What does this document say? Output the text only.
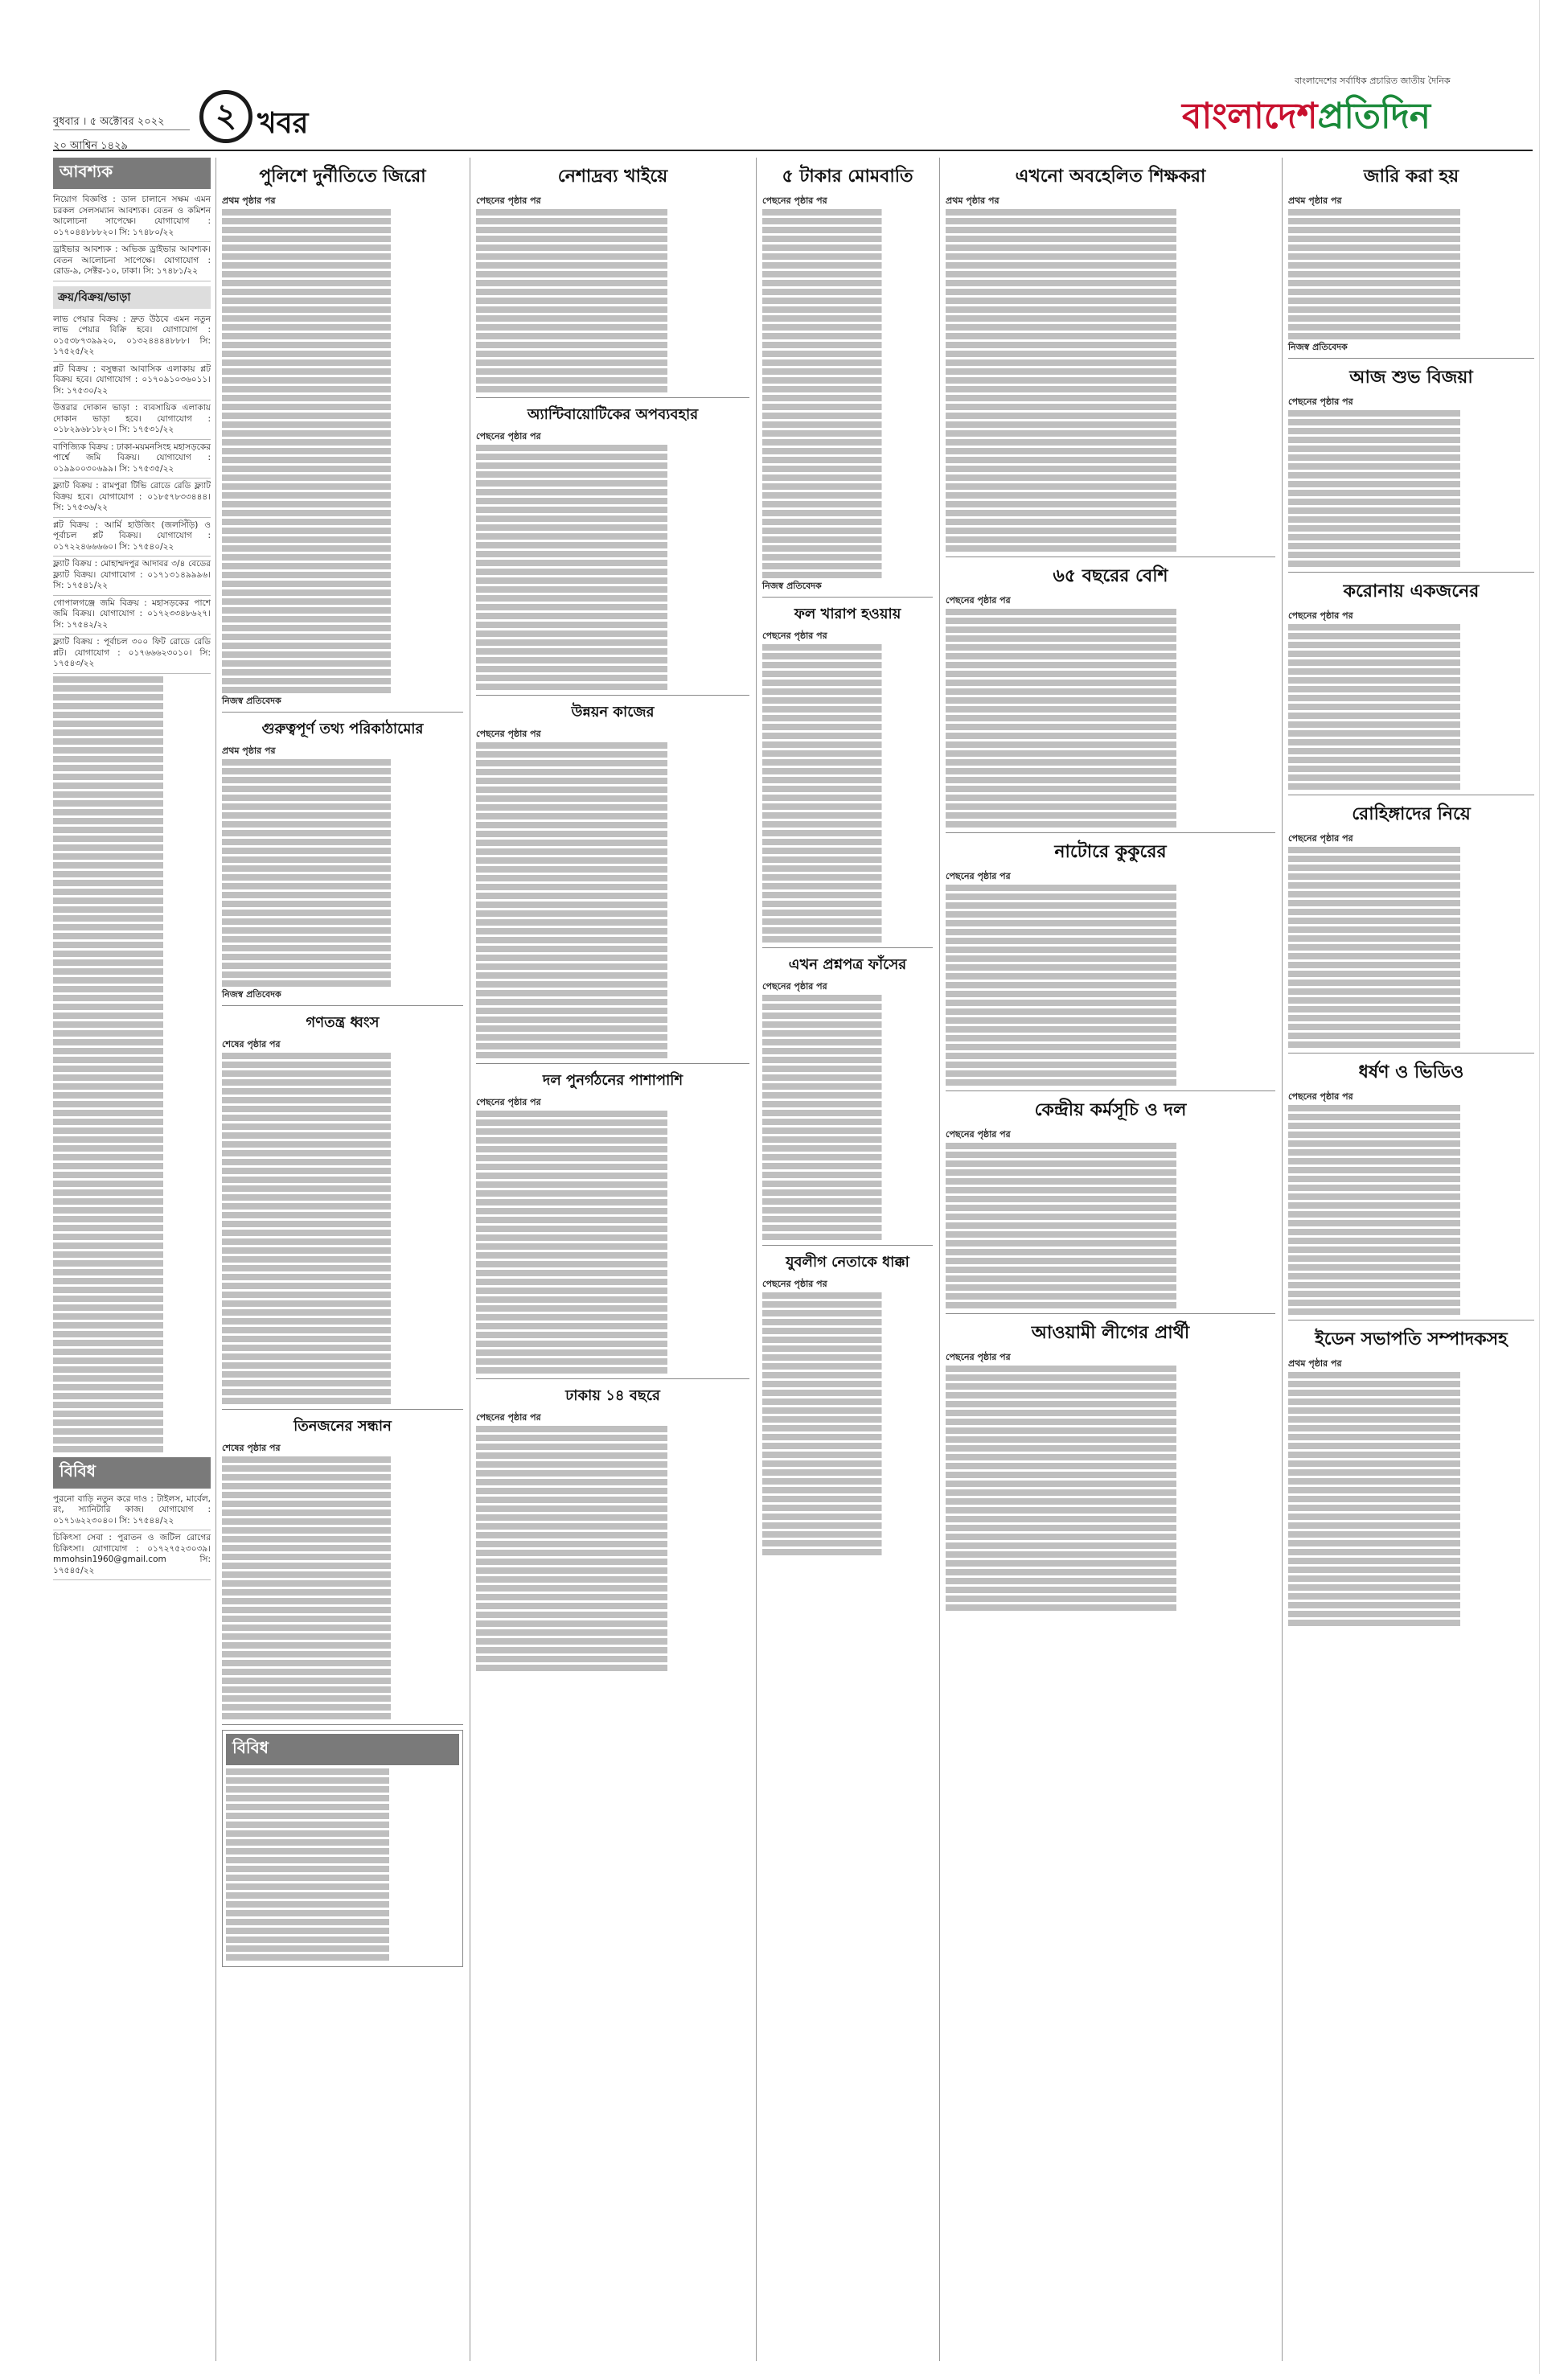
বুধবার । ৫ অক্টোবর ২০২২
২০ আশ্বিন ১৪২৯
২ খবর
বাংলাদেশের সর্বাধিক প্রচারিত জাতীয় দৈনিক
বাংলাদেশপ্রতিদিন
আবশ্যক
নিয়োগ বিজ্ঞপ্তি : ডাল চালানে সক্ষম এমন চরকল সেলসম্যান আবশ্যক। বেতন ও কমিশন আলোচনা সাপেক্ষে। যোগাযোগ : ০১৭০৪৪৮৮৮২০। সি: ১৭৪৮০/২২
ড্রাইভার আবশ্যক : অভিজ্ঞ ড্রাইভার আবশ্যক। বেতন আলোচনা সাপেক্ষে। যোগাযোগ : রোড-৯, সেক্টর-১০, ঢাকা। সি: ১৭৪৮১/২২
ক্রয়/বিক্রয়/ভাড়া
লাভ পেয়ার বিক্রয় : দ্রুত উঠবে এমন নতুন লাভ পেয়ার বিক্রি হবে। যোগাযোগ : ০১৫৩৮৭৩৯৯২০, ০১৩২৪৪৪৪৮৮৮। সি: ১৭৫২৫/২২
প্লট বিক্রয় : বসুন্ধরা আবাসিক এলাকায় প্লট বিক্রয় হবে। যোগাযোগ : ০১৭০৯১০৩৬০১১। সি: ১৭৫৩০/২২
উত্তরার দোকান ভাড়া : ব্যবসায়িক এলাকায় দোকান ভাড়া হবে। যোগাযোগ : ০১৮২৯৬৮১৮২০। সি: ১৭৫৩১/২২
বাণিজ্যিক বিক্রয় : ঢাকা-ময়মনসিংহ মহাসড়কের পার্শ্বে জমি বিক্রয়। যোগাযোগ : ০১৯৯০০৩০৬৯৯। সি: ১৭৫৩৫/২২
ফ্ল্যাট বিক্রয় : রামপুরা টিভি রোডে রেডি ফ্ল্যাট বিক্রয় হবে। যোগাযোগ : ০১৮৫৭৮৩৩৪৪৪। সি: ১৭৫৩৬/২২
প্লট বিক্রয় : আর্মি হাউজিং (জলসিঁড়ি) ও পূর্বাচল প্লট বিক্রয়। যোগাযোগ : ০১৭২২৪৬৬৬৬০। সি: ১৭৫৪০/২২
ফ্ল্যাট বিক্রয় : মোহাম্মদপুর আদাবর ৩/৪ বেডের ফ্ল্যাট বিক্রয়। যোগাযোগ : ০১৭১৩১৪৯৯৯৬। সি: ১৭৫৪১/২২
গোপালগঞ্জে জমি বিক্রয় : মহাসড়কের পাশে জমি বিক্রয়। যোগাযোগ : ০১৭২৩৩৪৮৬২৭। সি: ১৭৫৪২/২২
ফ্ল্যাট বিক্রয় : পূর্বাচল ৩০০ ফিট রোডে রেডি প্লট। যোগাযোগ : ০১৭৬৬৬২৩০১০। সি: ১৭৫৪৩/২২
বিবিধ
পুরনো বাড়ি নতুন করে দাও : টাইলস, মার্বেল, রং, স্যানিটারি কাজ। যোগাযোগ : ০১৭১৬২২৩০৪০। সি: ১৭৫৪৪/২২
চিকিৎসা সেবা : পুরাতন ও জটিল রোগের চিকিৎসা। যোগাযোগ : ০১৭২৭৫২৩০৩৯। mmohsin1960@gmail.com সি: ১৭৫৪৫/২২
পুলিশে দুর্নীতিতে জিরো
প্রথম পৃষ্ঠার পর
নিজস্ব প্রতিবেদক
গুরুত্বপূর্ণ তথ্য পরিকাঠামোর
প্রথম পৃষ্ঠার পর
নিজস্ব প্রতিবেদক
গণতন্ত্র ধ্বংস
শেষের পৃষ্ঠার পর
তিনজনের সন্ধান
শেষের পৃষ্ঠার পর
বিবিধ
নেশাদ্রব্য খাইয়ে
পেছনের পৃষ্ঠার পর
অ্যান্টিবায়োটিকের অপব্যবহার
পেছনের পৃষ্ঠার পর
উন্নয়ন কাজের
পেছনের পৃষ্ঠার পর
দল পুনর্গঠনের পাশাপাশি
পেছনের পৃষ্ঠার পর
ঢাকায় ১৪ বছরে
পেছনের পৃষ্ঠার পর
৫ টাকার মোমবাতি
পেছনের পৃষ্ঠার পর
নিজস্ব প্রতিবেদক
ফল খারাপ হওয়ায়
পেছনের পৃষ্ঠার পর
এখন প্রশ্নপত্র ফাঁসের
পেছনের পৃষ্ঠার পর
যুবলীগ নেতাকে ধাক্কা
পেছনের পৃষ্ঠার পর
এখনো অবহেলিত শিক্ষকরা
প্রথম পৃষ্ঠার পর
৬৫ বছরের বেশি
পেছনের পৃষ্ঠার পর
নাটোরে কুকুরের
পেছনের পৃষ্ঠার পর
কেন্দ্রীয় কর্মসূচি ও দল
পেছনের পৃষ্ঠার পর
আওয়ামী লীগের প্রার্থী
পেছনের পৃষ্ঠার পর
জারি করা হয়
প্রথম পৃষ্ঠার পর
নিজস্ব প্রতিবেদক
আজ শুভ বিজয়া
পেছনের পৃষ্ঠার পর
করোনায় একজনের
পেছনের পৃষ্ঠার পর
রোহিঙ্গাদের নিয়ে
পেছনের পৃষ্ঠার পর
ধর্ষণ ও ভিডিও
পেছনের পৃষ্ঠার পর
ইডেন সভাপতি সম্পাদকসহ
প্রথম পৃষ্ঠার পর
